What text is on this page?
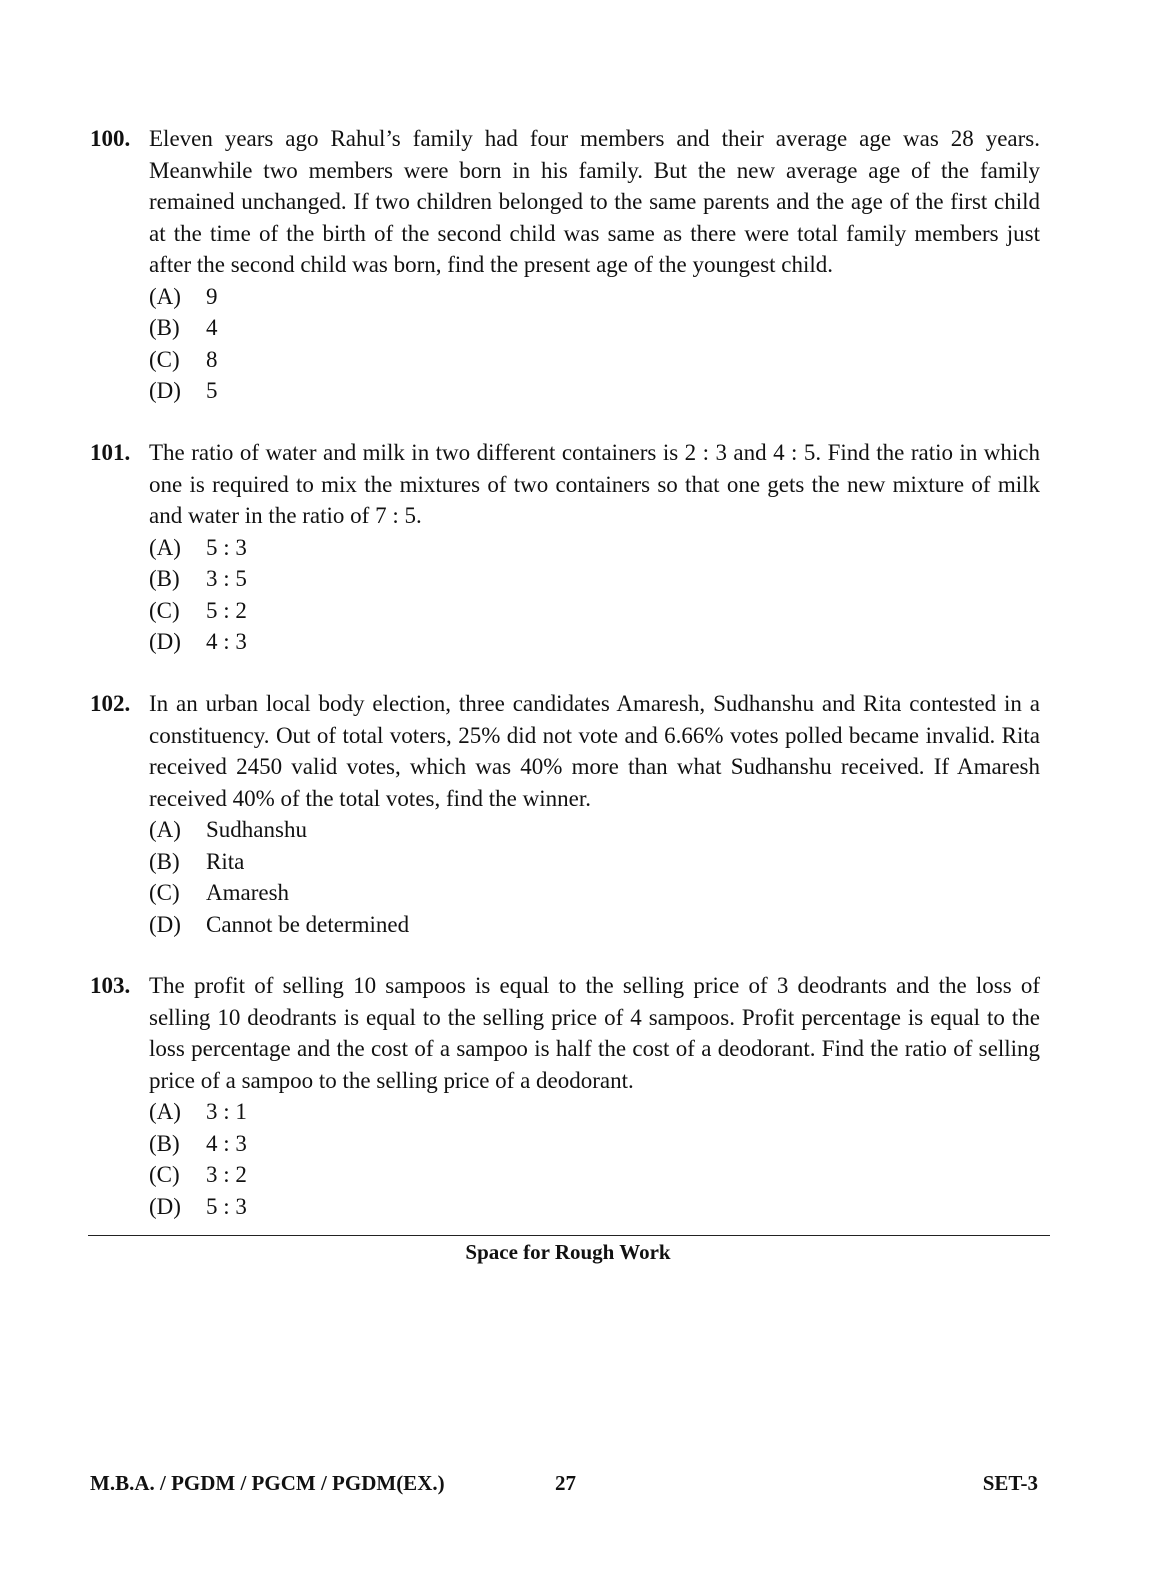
100. Eleven years ago Rahul’s family had four members and their average age was 28 years. Meanwhile two members were born in his family. But the new average age of the family remained unchanged. If two children belonged to the same parents and the age of the first child at the time of the birth of the second child was same as there were total family members just after the second child was born, find the present age of the youngest child.
(A) 9
(B) 4
(C) 8
(D) 5
101. The ratio of water and milk in two different containers is 2 : 3 and 4 : 5. Find the ratio in which one is required to mix the mixtures of two containers so that one gets the new mixture of milk and water in the ratio of 7 : 5.
(A) 5 : 3
(B) 3 : 5
(C) 5 : 2
(D) 4 : 3
102. In an urban local body election, three candidates Amaresh, Sudhanshu and Rita contested in a constituency. Out of total voters, 25% did not vote and 6.66% votes polled became invalid. Rita received 2450 valid votes, which was 40% more than what Sudhanshu received. If Amaresh received 40% of the total votes, find the winner.
(A) Sudhanshu
(B) Rita
(C) Amaresh
(D) Cannot be determined
103. The profit of selling 10 sampoos is equal to the selling price of 3 deodrants and the loss of selling 10 deodrants is equal to the selling price of 4 sampoos. Profit percentage is equal to the loss percentage and the cost of a sampoo is half the cost of a deodorant. Find the ratio of selling price of a sampoo to the selling price of a deodorant.
(A) 3 : 1
(B) 4 : 3
(C) 3 : 2
(D) 5 : 3
Space for Rough Work
M.B.A. / PGDM / PGCM / PGDM(EX.)	27	SET-3
